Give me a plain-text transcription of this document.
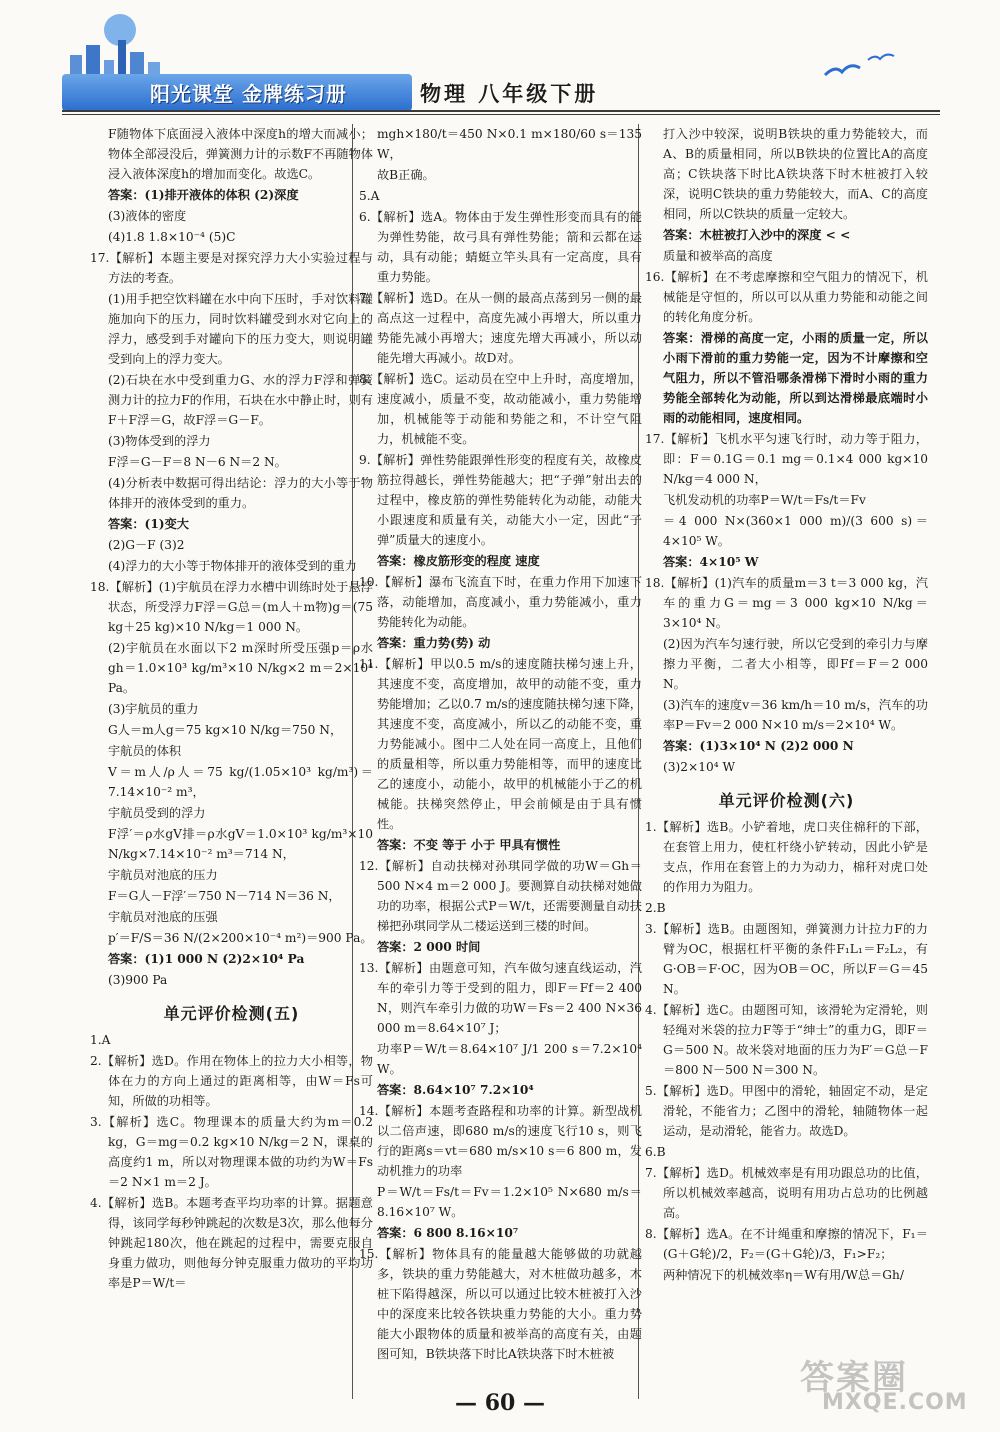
阳光课堂 金牌练习册	物理 八年级下册
F随物体下底面浸入液体中深度h的增大而减小；物体全部浸没后，弹簧测力计的示数F不再随物体浸入液体深度h的增加而变化。故选C。
答案：(1)排开液体的体积 (2)深度
(3)液体的密度
(4)1.8 1.8×10⁻⁴ (5)C
17.【解析】本题主要是对探究浮力大小实验过程与方法的考查。
(1)用手把空饮料罐在水中向下压时，手对饮料罐施加向下的压力，同时饮料罐受到水对它向上的浮力，感受到手对罐向下的压力变大，则说明罐受到向上的浮力变大。
(2)石块在水中受到重力G、水的浮力F浮和弹簧测力计的拉力F的作用，石块在水中静止时，则有F＋F浮＝G，故F浮＝G－F。
(3)物体受到的浮力
F浮＝G－F＝8 N－6 N＝2 N。
(4)分析表中数据可得出结论：浮力的大小等于物体排开的液体受到的重力。
答案：(1)变大
(2)G－F (3)2
(4)浮力的大小等于物体排开的液体受到的重力
18.【解析】(1)宇航员在浮力水槽中训练时处于悬浮状态，所受浮力F浮＝G总＝(m人＋m物)g＝(75 kg＋25 kg)×10 N/kg＝1 000 N。
(2)宇航员在水面以下2 m深时所受压强p＝ρ水gh＝1.0×10³ kg/m³×10 N/kg×2 m＝2×10⁴ Pa。
(3)宇航员的重力
G人＝m人g＝75 kg×10 N/kg＝750 N，
宇航员的体积
V＝m人/ρ人＝75 kg/(1.05×10³ kg/m³)＝7.14×10⁻² m³，
宇航员受到的浮力
F浮′＝ρ水gV排＝ρ水gV＝1.0×10³ kg/m³×10 N/kg×7.14×10⁻² m³＝714 N，
宇航员对池底的压力
F＝G人－F浮′＝750 N－714 N＝36 N，
宇航员对池底的压强
p′＝F/S＝36 N/(2×200×10⁻⁴ m²)＝900 Pa。
答案：(1)1 000 N (2)2×10⁴ Pa
(3)900 Pa
单元评价检测(五)
1.A
2.【解析】选D。作用在物体上的拉力大小相等，物体在力的方向上通过的距离相等，由W＝Fs可知，所做的功相等。
3.【解析】选C。物理课本的质量大约为m＝0.2 kg，G＝mg＝0.2 kg×10 N/kg＝2 N，课桌的高度约1 m，所以对物理课本做的功约为W＝Fs＝2 N×1 m＝2 J。
4.【解析】选B。本题考查平均功率的计算。据题意得，该同学每秒钟跳起的次数是3次，那么他每分钟跳起180次，他在跳起的过程中，需要克服自身重力做功，则他每分钟克服重力做功的平均功率是P＝W/t＝
mgh×180/t＝450 N×0.1 m×180/60 s＝135 W，
故B正确。
5.A
6.【解析】选A。物体由于发生弹性形变而具有的能为弹性势能，故弓具有弹性势能；箭和云都在运动，具有动能；蜻蜓立竿头具有一定高度，具有重力势能。
7.【解析】选D。在从一侧的最高点荡到另一侧的最高点这一过程中，高度先减小再增大，所以重力势能先减小再增大；速度先增大再减小，所以动能先增大再减小。故D对。
8.【解析】选C。运动员在空中上升时，高度增加，速度减小，质量不变，故动能减小，重力势能增加，机械能等于动能和势能之和，不计空气阻力，机械能不变。
9.【解析】弹性势能跟弹性形变的程度有关，故橡皮筋拉得越长，弹性势能越大；把“子弹”射出去的过程中，橡皮筋的弹性势能转化为动能，动能大小跟速度和质量有关，动能大小一定，因此“子弹”质量大的速度小。
答案：橡皮筋形变的程度 速度
10.【解析】瀑布飞流直下时，在重力作用下加速下落，动能增加，高度减小，重力势能减小，重力势能转化为动能。
答案：重力势(势) 动
11.【解析】甲以0.5 m/s的速度随扶梯匀速上升，其速度不变，高度增加，故甲的动能不变，重力势能增加；乙以0.7 m/s的速度随扶梯匀速下降，其速度不变，高度减小，所以乙的动能不变，重力势能减小。图中二人处在同一高度上，且他们的质量相等，所以重力势能相等，而甲的速度比乙的速度小，动能小，故甲的机械能小于乙的机械能。扶梯突然停止，甲会前倾是由于具有惯性。
答案：不变 等于 小于 甲具有惯性
12.【解析】自动扶梯对孙琪同学做的功W＝Gh＝500 N×4 m＝2 000 J。要测算自动扶梯对她做功的功率，根据公式P＝W/t，还需要测量自动扶梯把孙琪同学从二楼运送到三楼的时间。
答案：2 000 时间
13.【解析】由题意可知，汽车做匀速直线运动，汽车的牵引力等于受到的阻力，即F＝Ff＝2 400 N，则汽车牵引力做的功W＝Fs＝2 400 N×36 000 m＝8.64×10⁷ J；
功率P＝W/t＝8.64×10⁷ J/1 200 s＝7.2×10⁴ W。
答案：8.64×10⁷ 7.2×10⁴
14.【解析】本题考查路程和功率的计算。新型战机以二倍声速，即680 m/s的速度飞行10 s，则飞行的距离s＝vt＝680 m/s×10 s＝6 800 m，发动机推力的功率
P＝W/t＝Fs/t＝Fv＝1.2×10⁵ N×680 m/s＝8.16×10⁷ W。
答案：6 800 8.16×10⁷
15.【解析】物体具有的能量越大能够做的功就越多，铁块的重力势能越大，对木桩做功越多，木桩下陷得越深，所以可以通过比较木桩被打入沙中的深度来比较各铁块重力势能的大小。重力势能大小跟物体的质量和被举高的高度有关，由题图可知，B铁块落下时比A铁块落下时木桩被
打入沙中较深，说明B铁块的重力势能较大，而A、B的质量相同，所以B铁块的位置比A的高度高；C铁块落下时比A铁块落下时木桩被打入较深，说明C铁块的重力势能较大，而A、C的高度相同，所以C铁块的质量一定较大。
答案：木桩被打入沙中的深度 < <
质量和被举高的高度
16.【解析】在不考虑摩擦和空气阻力的情况下，机械能是守恒的，所以可以从重力势能和动能之间的转化角度分析。
答案：滑梯的高度一定，小雨的质量一定，所以小雨下滑前的重力势能一定，因为不计摩擦和空气阻力，所以不管沿哪条滑梯下滑时小雨的重力势能全部转化为动能，所以到达滑梯最底端时小雨的动能相同，速度相同。
17.【解析】飞机水平匀速飞行时，动力等于阻力，即：F＝0.1G＝0.1 mg＝0.1×4 000 kg×10 N/kg＝4 000 N，
飞机发动机的功率P＝W/t＝Fs/t＝Fv
＝4 000 N×(360×1 000 m)/(3 600 s)＝4×10⁵ W。
答案：4×10⁵ W
18.【解析】(1)汽车的质量m＝3 t＝3 000 kg，汽车的重力G＝mg＝3 000 kg×10 N/kg＝3×10⁴ N。
(2)因为汽车匀速行驶，所以它受到的牵引力与摩擦力平衡，二者大小相等，即Ff＝F＝2 000 N。
(3)汽车的速度v＝36 km/h＝10 m/s，汽车的功率P＝Fv＝2 000 N×10 m/s＝2×10⁴ W。
答案：(1)3×10⁴ N (2)2 000 N
(3)2×10⁴ W
单元评价检测(六)
1.【解析】选B。小铲着地，虎口夹住棉秆的下部，在套管上用力，使杠杆绕小铲转动，因此小铲是支点，作用在套管上的力为动力，棉秆对虎口处的作用力为阻力。
2.B
3.【解析】选B。由题图知，弹簧测力计拉力F的力臂为OC，根据杠杆平衡的条件F₁L₁＝F₂L₂，有G·OB＝F·OC，因为OB＝OC，所以F＝G＝45 N。
4.【解析】选C。由题图可知，该滑轮为定滑轮，则轻绳对米袋的拉力F等于“绅士”的重力G，即F＝G＝500 N。故米袋对地面的压力为F′＝G总－F＝800 N－500 N＝300 N。
5.【解析】选D。甲图中的滑轮，轴固定不动，是定滑轮，不能省力；乙图中的滑轮，轴随物体一起运动，是动滑轮，能省力。故选D。
6.B
7.【解析】选D。机械效率是有用功跟总功的比值，所以机械效率越高，说明有用功占总功的比例越高。
8.【解析】选A。在不计绳重和摩擦的情况下，F₁＝(G＋G轮)/2，F₂＝(G＋G轮)/3，F₁>F₂；
两种情况下的机械效率η＝W有用/W总＝Gh/
答案圈
MXQE.COM
— 60 —
